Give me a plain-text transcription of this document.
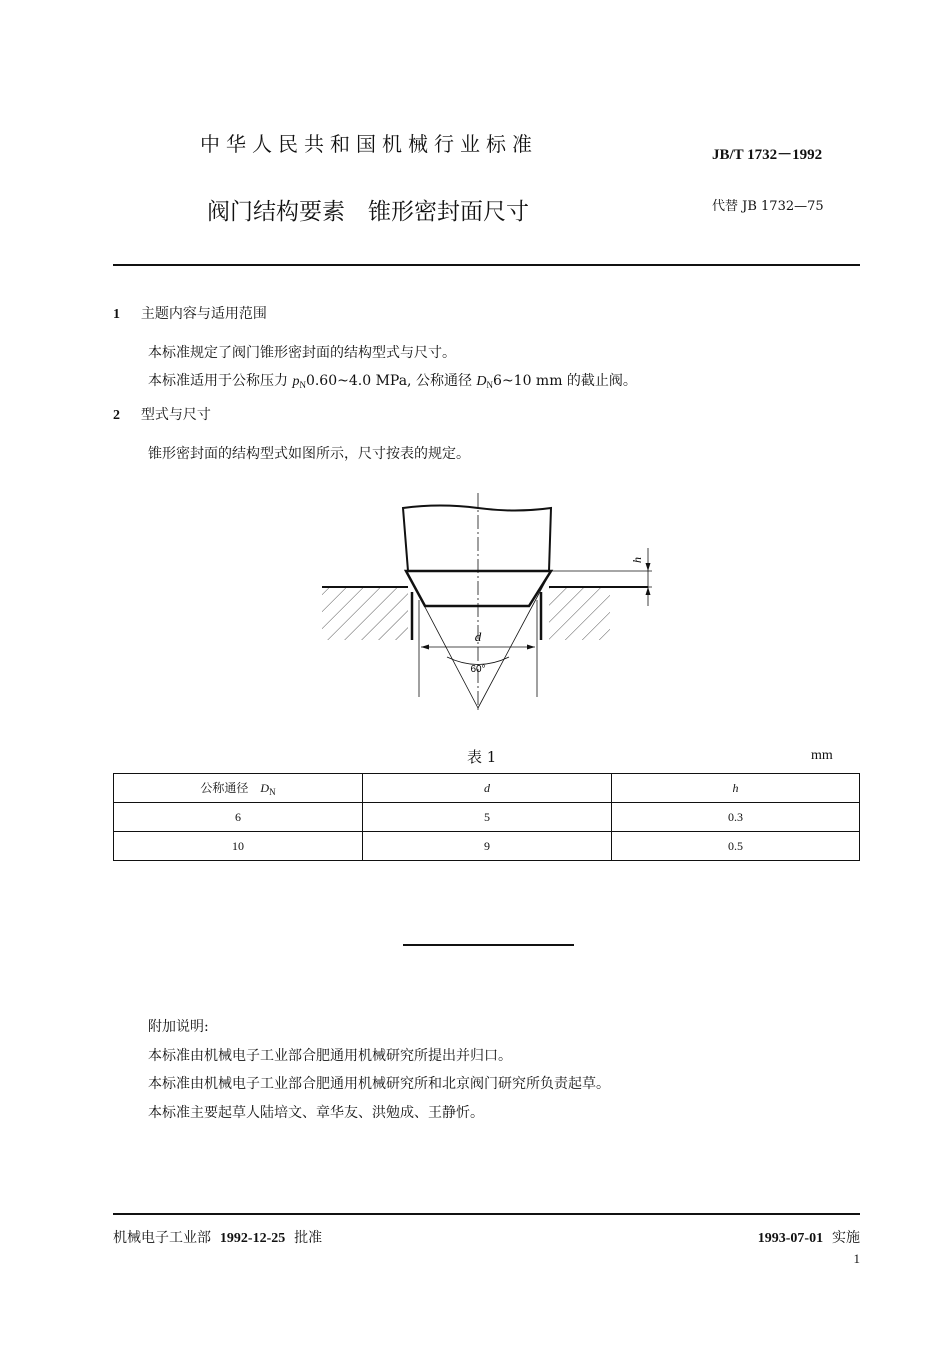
中华人民共和国机械行业标准	JB/T 1732－1992
阀门结构要素　锥形密封面尺寸	代替 JB 1732—75
1 主题内容与适用范围
本标准规定了阀门锥形密封面的结构型式与尺寸。
本标准适用于公称压力 $p_N0.60\sim 4.0$ MPa, 公称通径 $D_N6\sim 10$ mm 的截止阀。
2 型式与尺寸
锥形密封面的结构型式如图所示，尺寸按表的规定。
d
60°
h
表 1	mm
公称通径　$D_N$	d	h
6	5	0.3
10	9	0.5
附加说明:
本标准由机械电子工业部合肥通用机械研究所提出并归口。
本标准由机械电子工业部合肥通用机械研究所和北京阀门研究所负责起草。
本标准主要起草人陆培文、章华友、洪勉成、王静忻。
机械电子工业部 1992-12-25 批准	1993-07-01 实施
1
